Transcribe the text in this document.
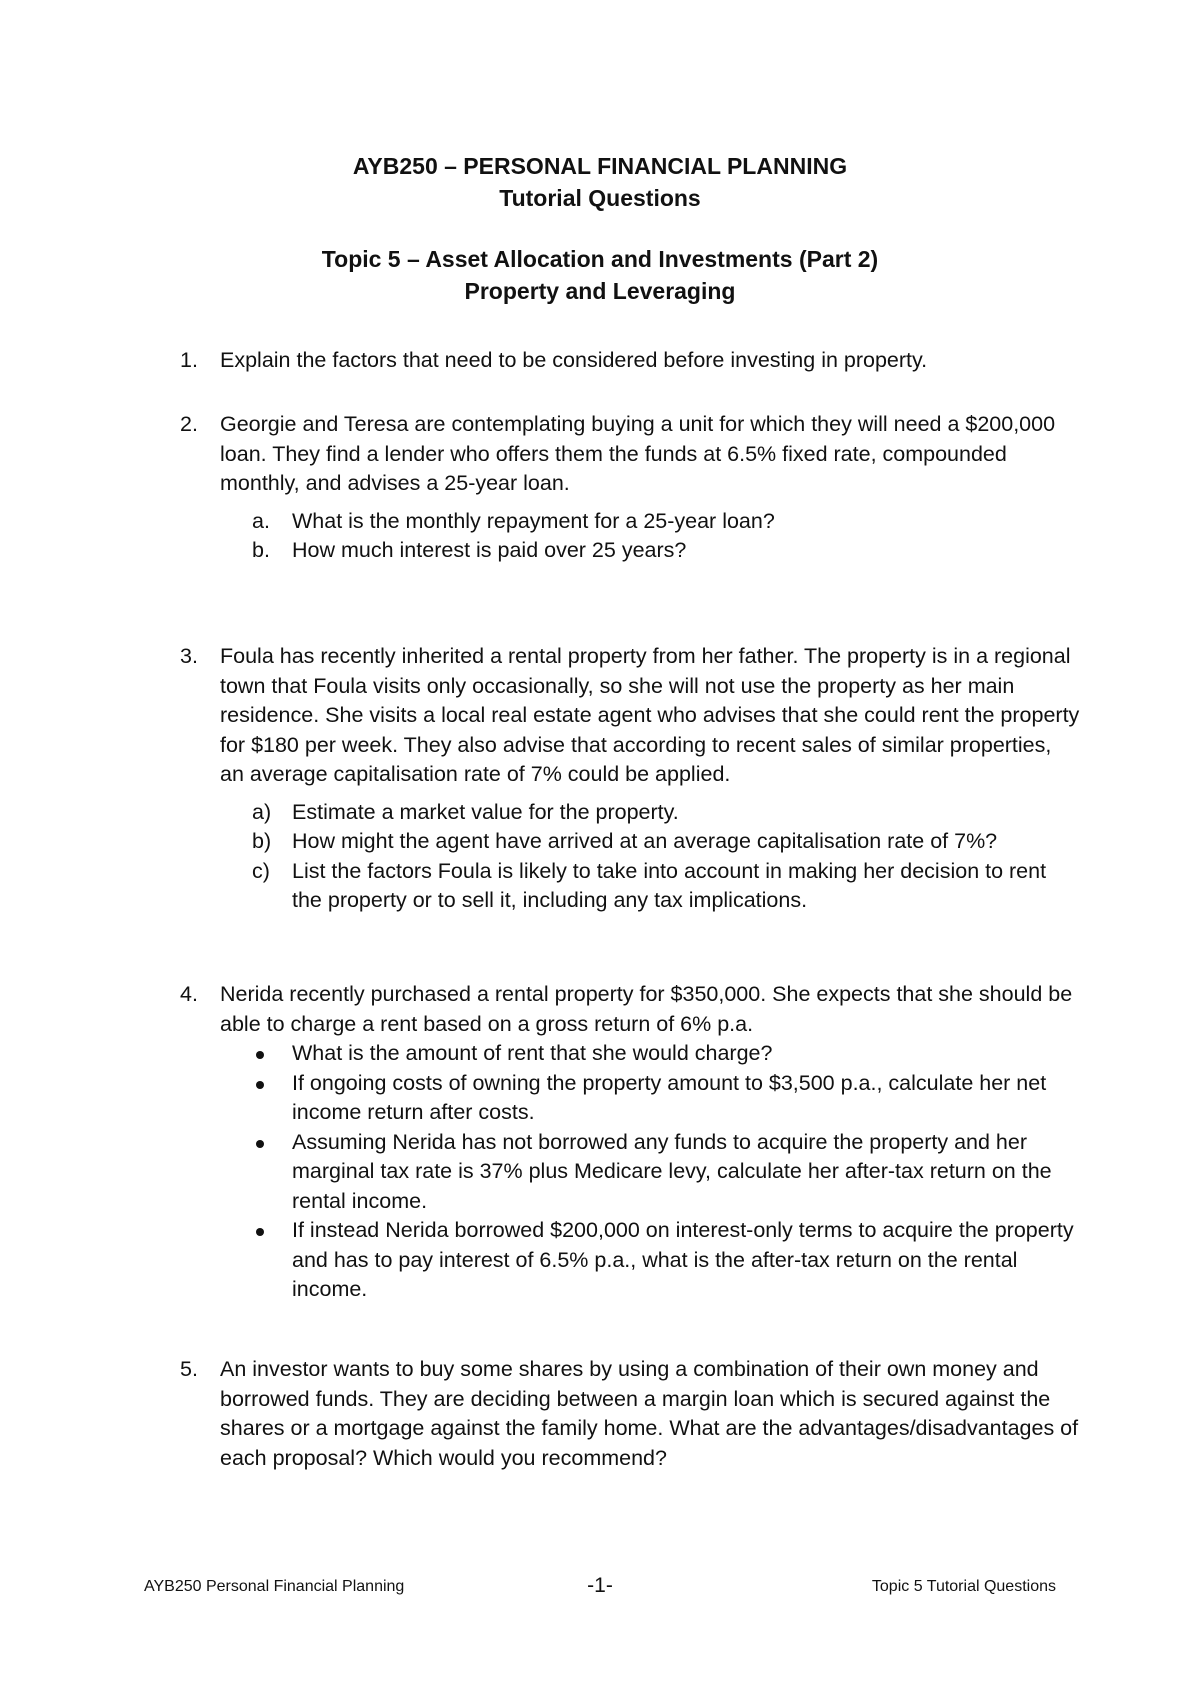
AYB250 – PERSONAL FINANCIAL PLANNING
Tutorial Questions
Topic 5 – Asset Allocation and Investments (Part 2)
Property and Leveraging
1. Explain the factors that need to be considered before investing in property.
2. Georgie and Teresa are contemplating buying a unit for which they will need a $200,000 loan. They find a lender who offers them the funds at 6.5% fixed rate, compounded monthly, and advises a 25-year loan.
a. What is the monthly repayment for a 25-year loan?
b. How much interest is paid over 25 years?
3. Foula has recently inherited a rental property from her father. The property is in a regional town that Foula visits only occasionally, so she will not use the property as her main residence. She visits a local real estate agent who advises that she could rent the property for $180 per week. They also advise that according to recent sales of similar properties, an average capitalisation rate of 7% could be applied.
a) Estimate a market value for the property.
b) How might the agent have arrived at an average capitalisation rate of 7%?
c) List the factors Foula is likely to take into account in making her decision to rent the property or to sell it, including any tax implications.
4. Nerida recently purchased a rental property for $350,000. She expects that she should be able to charge a rent based on a gross return of 6% p.a.
What is the amount of rent that she would charge?
If ongoing costs of owning the property amount to $3,500 p.a., calculate her net income return after costs.
Assuming Nerida has not borrowed any funds to acquire the property and her marginal tax rate is 37% plus Medicare levy, calculate her after-tax return on the rental income.
If instead Nerida borrowed $200,000 on interest-only terms to acquire the property and has to pay interest of 6.5% p.a., what is the after-tax return on the rental income.
5. An investor wants to buy some shares by using a combination of their own money and borrowed funds. They are deciding between a margin loan which is secured against the shares or a mortgage against the family home. What are the advantages/disadvantages of each proposal? Which would you recommend?
AYB250 Personal Financial Planning	-1-	Topic 5 Tutorial Questions
